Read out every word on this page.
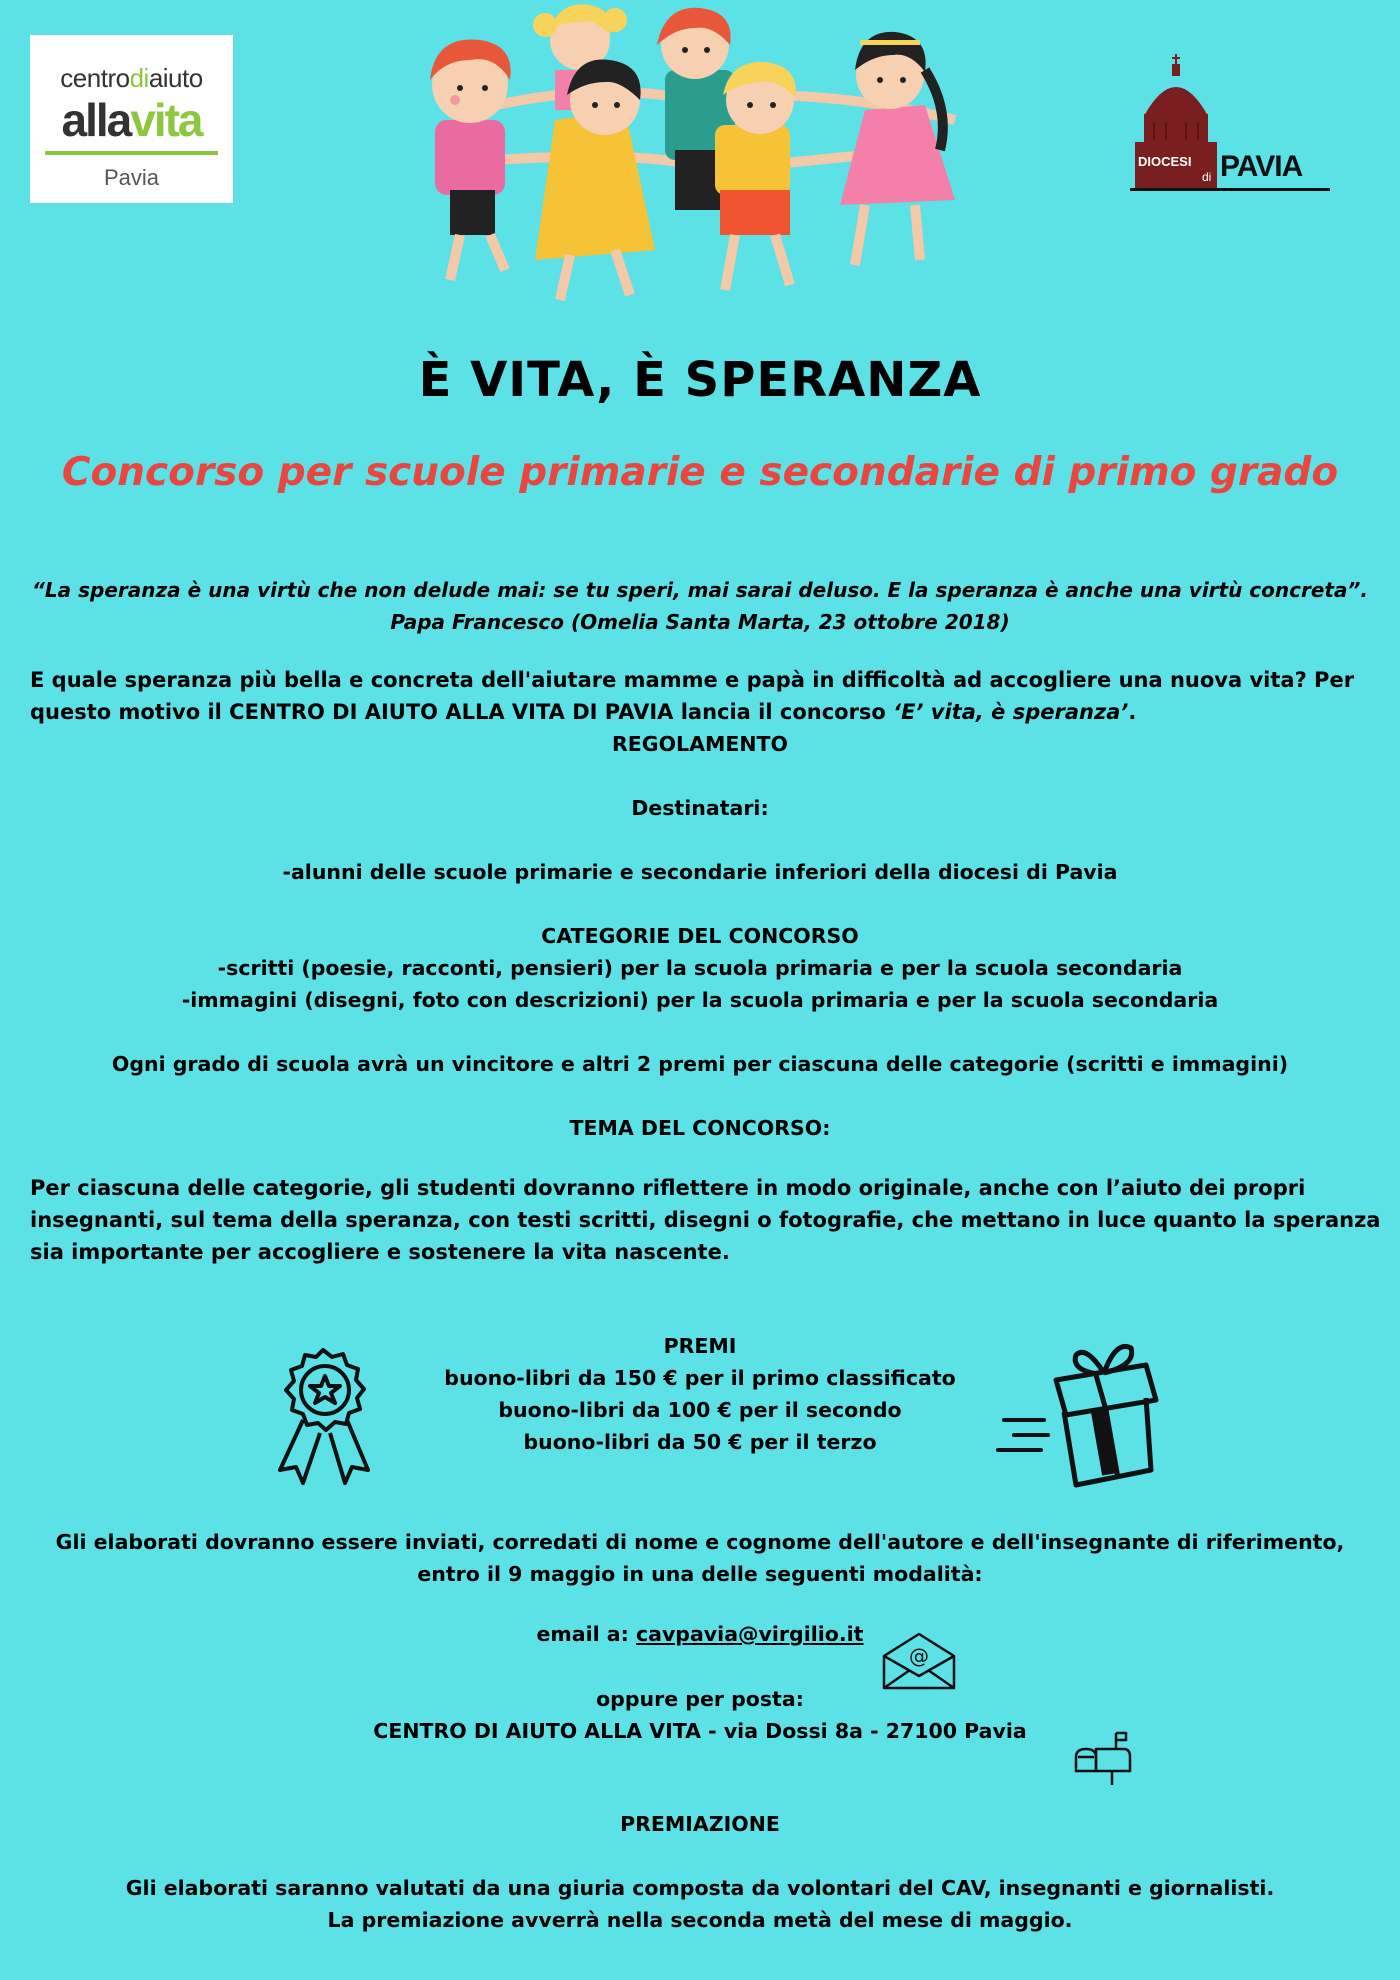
centrodiaiuto
allavita
Pavia
DIOCESI
di PAVIA
È VITA, È SPERANZA
Concorso per scuole primarie e secondarie di primo grado
“La speranza è una virtù che non delude mai: se tu speri, mai sarai deluso. E la speranza è anche una virtù concreta”.
Papa Francesco (Omelia Santa Marta, 23 ottobre 2018)
E quale speranza più bella e concreta dell'aiutare mamme e papà in difficoltà ad accogliere una nuova vita? Per
questo motivo il CENTRO DI AIUTO ALLA VITA DI PAVIA lancia il concorso ‘E’ vita, è speranza’.
REGOLAMENTO
Destinatari:
-alunni delle scuole primarie e secondarie inferiori della diocesi di Pavia
CATEGORIE DEL CONCORSO
-scritti (poesie, racconti, pensieri) per la scuola primaria e per la scuola secondaria
-immagini (disegni, foto con descrizioni) per la scuola primaria e per la scuola secondaria
Ogni grado di scuola avrà un vincitore e altri 2 premi per ciascuna delle categorie (scritti e immagini)
TEMA DEL CONCORSO:
Per ciascuna delle categorie, gli studenti dovranno riflettere in modo originale, anche con l’aiuto dei propri
insegnanti, sul tema della speranza, con testi scritti, disegni o fotografie, che mettano in luce quanto la speranza
sia importante per accogliere e sostenere la vita nascente.
PREMI
buono-libri da 150 € per il primo classificato
buono-libri da 100 € per il secondo
buono-libri da 50 € per il terzo
Gli elaborati dovranno essere inviati, corredati di nome e cognome dell'autore e dell'insegnante di riferimento,
entro il 9 maggio in una delle seguenti modalità:
email a: cavpavia@virgilio.it
@
oppure per posta:
CENTRO DI AIUTO ALLA VITA - via Dossi 8a - 27100 Pavia
PREMIAZIONE
Gli elaborati saranno valutati da una giuria composta da volontari del CAV, insegnanti e giornalisti.
La premiazione avverrà nella seconda metà del mese di maggio.
